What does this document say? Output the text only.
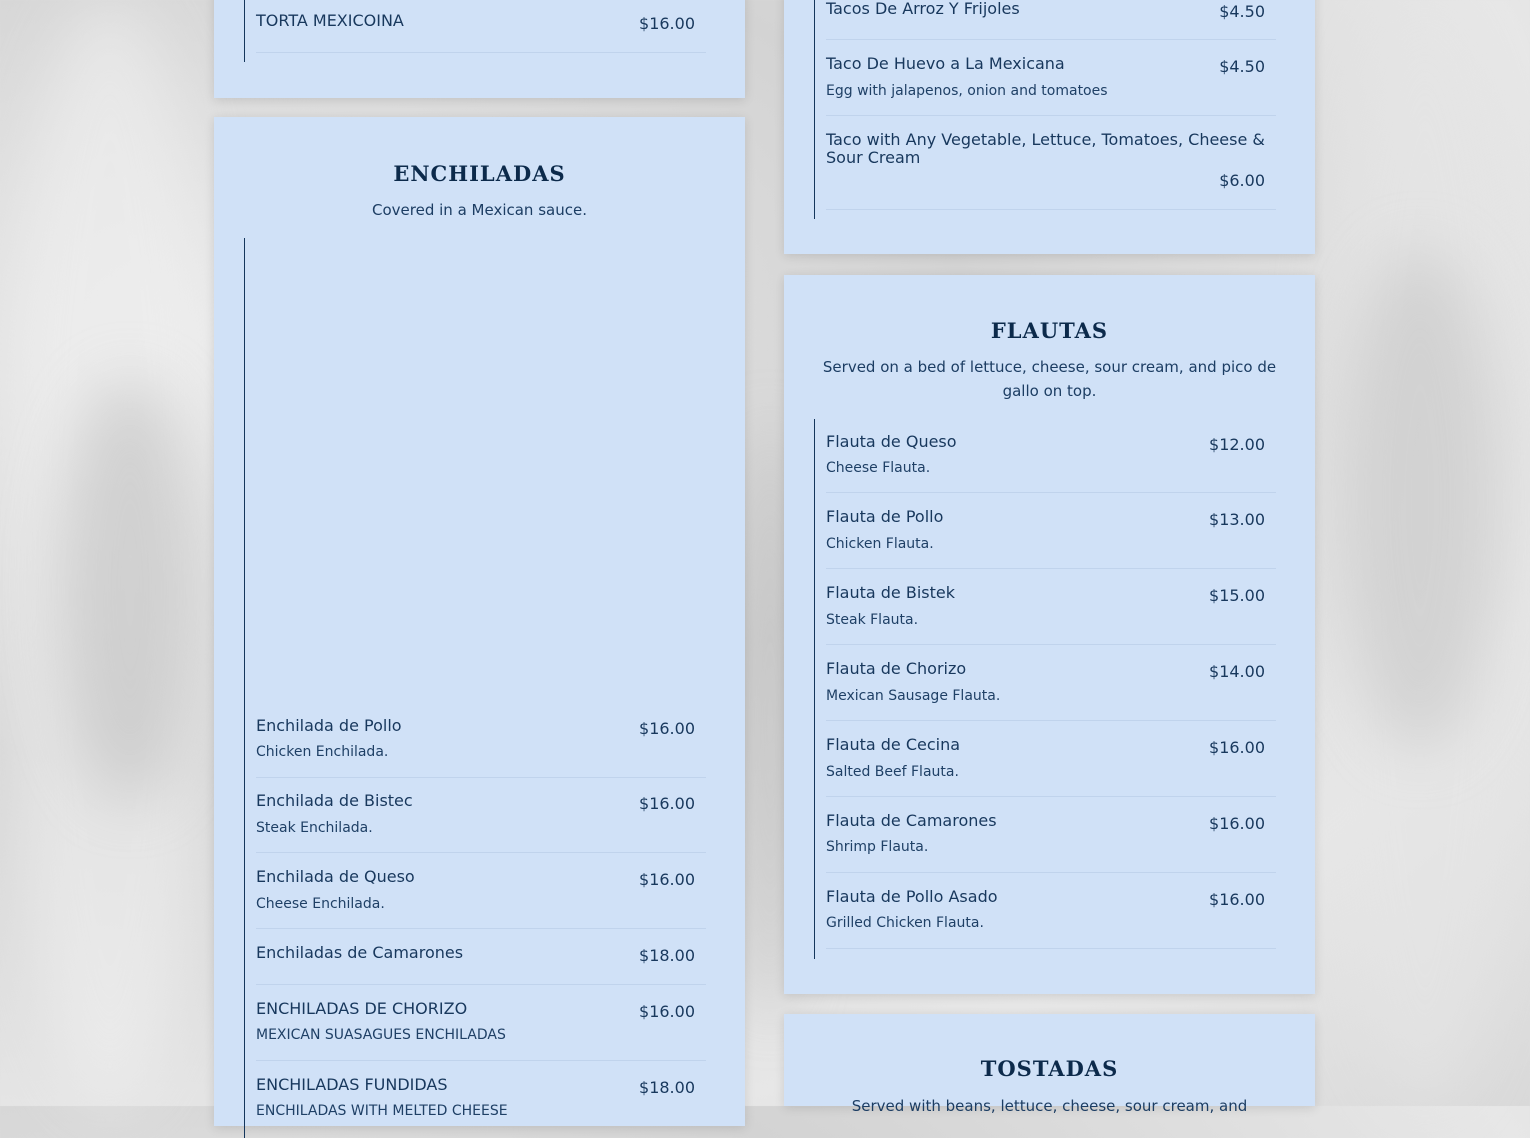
TORTA MEXICOINA	$16.00
ENCHILADAS

Covered in a Mexican sauce.

Enchilada de Pollo
Chicken Enchilada.
$16.00
Enchilada de Bistec
Steak Enchilada.
$16.00
Enchilada de Queso
Cheese Enchilada.
$16.00
Enchiladas de Camarones	$18.00
ENCHILADAS DE CHORIZO
MEXICAN SUASAGUES ENCHILADAS
$16.00
ENCHILADAS FUNDIDAS
ENCHILADAS WITH MELTED CHEESE
$18.00
Tacos De Arroz Y Frijoles	$4.50
Taco De Huevo a La Mexicana
Egg with jalapenos, onion and tomatoes
$4.50
Taco with Any Vegetable, Lettuce, Tomatoes, Cheese & Sour Cream
$6.00
FLAUTAS

Served on a bed of lettuce, cheese, sour cream, and pico de gallo on top.

Flauta de Queso
Cheese Flauta.
$12.00
Flauta de Pollo
Chicken Flauta.
$13.00
Flauta de Bistek
Steak Flauta.
$15.00
Flauta de Chorizo
Mexican Sausage Flauta.
$14.00
Flauta de Cecina
Salted Beef Flauta.
$16.00
Flauta de Camarones
Shrimp Flauta.
$16.00
Flauta de Pollo Asado
Grilled Chicken Flauta.
$16.00
TOSTADAS

Served with beans, lettuce, cheese, sour cream, and
